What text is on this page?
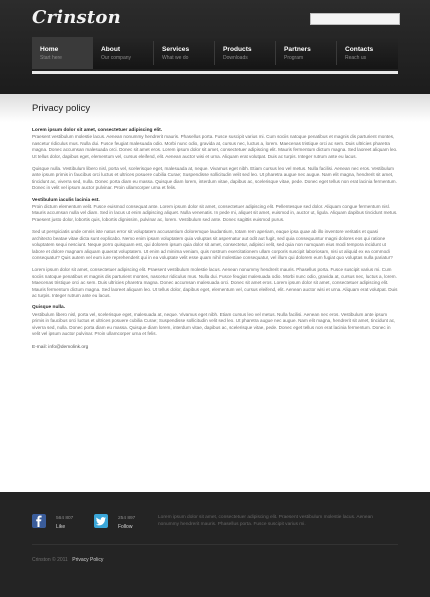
Crinston
Home
Start here
About
Our company
Services
What we do
Products
Downloads
Partners
Program
Contacts
Reach us
Privacy policy

Lorem ipsum dolor sit amet, consectetuer adipiscing elit.

Praesent vestibulum molestie lacus. Aenean nonummy hendrerit mauris. Phasellus porta. Fusce suscipit varius mi. Cum sociis natoque penatibus et magnis dis parturient montes, nascetur ridiculus mus. Nulla dui. Fusce feugiat malesuada odio. Morbi nunc odio, gravida at, cursus nec, luctus a, lorem. Maecenas tristique orci ac sem. Duis ultricies pharetra magna. Donec accumsan malesuada orci. Donec sit amet eros. Lorem ipsum dolor sit amet, consectetuer adipiscing elit. Mauris fermentum dictum magna. Sed laoreet aliquam leo. Ut tellus dolor, dapibus eget, elementum vel, cursus eleifend, elit. Aenean auctor wisi et urna. Aliquam erat volutpat. Duis ac turpis. Integer rutrum ante eu lacus.

Quisque nulla. Vestibulum libero nisl, porta vel, scelerisque eget, malesuada at, neque. Vivamus eget nibh. Etiam cursus leo vel metus. Nulla facilisi. Aenean nec eros. Vestibulum ante ipsum primis in faucibus orci luctus et ultrices posuere cubilia Curae; Suspendisse sollicitudin velit sed leo. Ut pharetra augue nec augue. Nam elit magna, hendrerit sit amet, tincidunt ac, viverra sed, nulla. Donec porta diam eu massa. Quisque diam lorem, interdum vitae, dapibus ac, scelerisque vitae, pede. Donec eget tellus non erat lacinia fermentum. Donec in velit vel ipsum auctor pulvinar. Proin ullamcorper urna et felis.

Vestibulum iaculis lacinia est.

Proin dictum elementum velit. Fusce euismod consequat ante. Lorem ipsum dolor sit amet, consectetuer adipiscing elit. Pellentesque sed dolor. Aliquam congue fermentum nisl. Mauris accumsan nulla vel diam. Sed in lacus ut enim adipiscing aliquet. Nulla venenatis. In pede mi, aliquet sit amet, euismod in, auctor ut, ligula. Aliquam dapibus tincidunt metus. Praesent justo dolor, lobortis quis, lobortis dignissim, pulvinar ac, lorem. Vestibulum sed ante. Donec sagittis euismod purus.

Sed ut perspiciatis unde omnis iste natus error sit voluptatem accusantium doloremque laudantium, totam rem aperiam, eaque ipsa quae ab illo inventore veritatis et quasi architecto beatae vitae dicta sunt explicabo. Nemo enim ipsam voluptatem quia voluptas sit aspernatur aut odit aut fugit, sed quia consequuntur magni dolores eos qui ratione voluptatem sequi nesciunt. Neque porro quisquam est, qui dolorem ipsum quia dolor sit amet, consectetur, adipisci velit, sed quia non numquam eius modi tempora incidunt ut labore et dolore magnam aliquam quaerat voluptatem. Ut enim ad minima veniam, quis nostrum exercitationem ullam corporis suscipit laboriosam, nisi ut aliquid ex ea commodi consequatur? Quis autem vel eum iure reprehenderit qui in ea voluptate velit esse quam nihil molestiae consequatur, vel illum qui dolorem eum fugiat quo voluptas nulla pariatur?

Lorem ipsum dolor sit amet, consectetuer adipiscing elit. Praesent vestibulum molestie lacus. Aenean nonummy hendrerit mauris. Phasellus porta. Fusce suscipit varius mi. Cum sociis natoque penatibus et magnis dis parturient montes, nascetur ridiculus mus. Nulla dui. Fusce feugiat malesuada odio. Morbi nunc odio, gravida at, cursus nec, luctus a, lorem. Maecenas tristique orci ac sem. Duis ultricies pharetra magna. Donec accumsan malesuada orci. Donec sit amet eros. Lorem ipsum dolor sit amet, consectetuer adipiscing elit. Mauris fermentum dictum magna. Sed laoreet aliquam leo. Ut tellus dolor, dapibus eget, elementum vel, cursus eleifend, elit. Aenean auctor wisi et urna. Aliquam erat volutpat. Duis ac turpis. Integer rutrum ante eu lacus.

Quisque nulla.

Vestibulum libero nisl, porta vel, scelerisque eget, malesuada at, neque. Vivamus eget nibh. Etiam cursus leo vel metus. Nulla facilisi. Aenean nec eros. Vestibulum ante ipsum primis in faucibus orci luctus et ultrices posuere cubilia Curae; Suspendisse sollicitudin velit sed leo. Ut pharetra augue nec augue. Nam elit magna, hendrerit sit amet, tincidunt ac, viverra sed, nulla. Donec porta diam eu massa. Quisque diam lorem, interdum vitae, dapibus ac, scelerisque vitae, pede. Donec eget tellus non erat lacinia fermentum. Donec in velit vel ipsum auctor pulvinar. Proin ullamcorper urna et felis.

E-mail: info@demolink.org
564 807
Like
254 897
Follow
Lorem ipsum dolor sit amet, consectetuer adipiscing elit. Praesent vestibulum molestie lacus. Aenean nonummy hendrerit mauris. Phasellus porta. Fusce suscipit varius mi.
Crinston © 2011 Privacy Policy
